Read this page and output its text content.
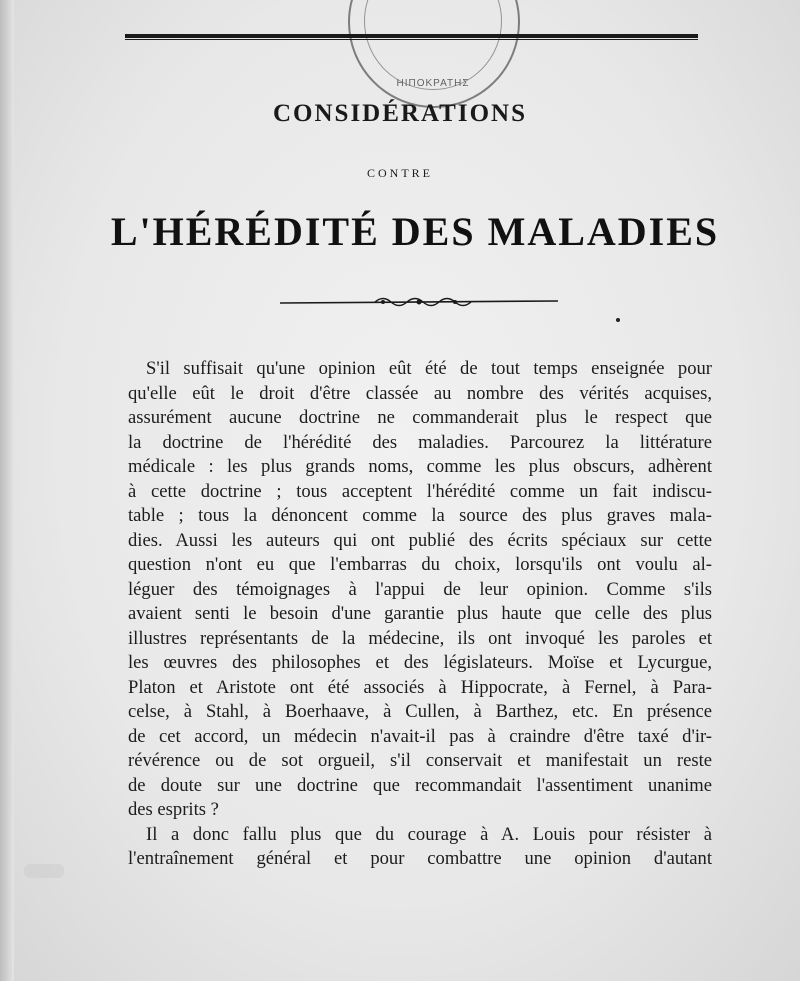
ΗIΠΟΚΡΑΤΗΣ
CONSIDÉRATIONS
CONTRE
L'HÉRÉDITÉ DES MALADIES
S'il suffisait qu'une opinion eût été de tout temps enseignée pour
qu'elle eût le droit d'être classée au nombre des vérités acquises,
assurément aucune doctrine ne commanderait plus le respect que
la doctrine de l'hérédité des maladies. Parcourez la littérature
médicale : les plus grands noms, comme les plus obscurs, adhèrent
à cette doctrine ; tous acceptent l'hérédité comme un fait indiscu-
table ; tous la dénoncent comme la source des plus graves mala-
dies. Aussi les auteurs qui ont publié des écrits spéciaux sur cette
question n'ont eu que l'embarras du choix, lorsqu'ils ont voulu al-
léguer des témoignages à l'appui de leur opinion. Comme s'ils
avaient senti le besoin d'une garantie plus haute que celle des plus
illustres représentants de la médecine, ils ont invoqué les paroles et
les œuvres des philosophes et des législateurs. Moïse et Lycurgue,
Platon et Aristote ont été associés à Hippocrate, à Fernel, à Para-
celse, à Stahl, à Boerhaave, à Cullen, à Barthez, etc. En présence
de cet accord, un médecin n'avait-il pas à craindre d'être taxé d'ir-
révérence ou de sot orgueil, s'il conservait et manifestait un reste
de doute sur une doctrine que recommandait l'assentiment unanime
des esprits ?
Il a donc fallu plus que du courage à A. Louis pour résister à
l'entraînement général et pour combattre une opinion d'autant
